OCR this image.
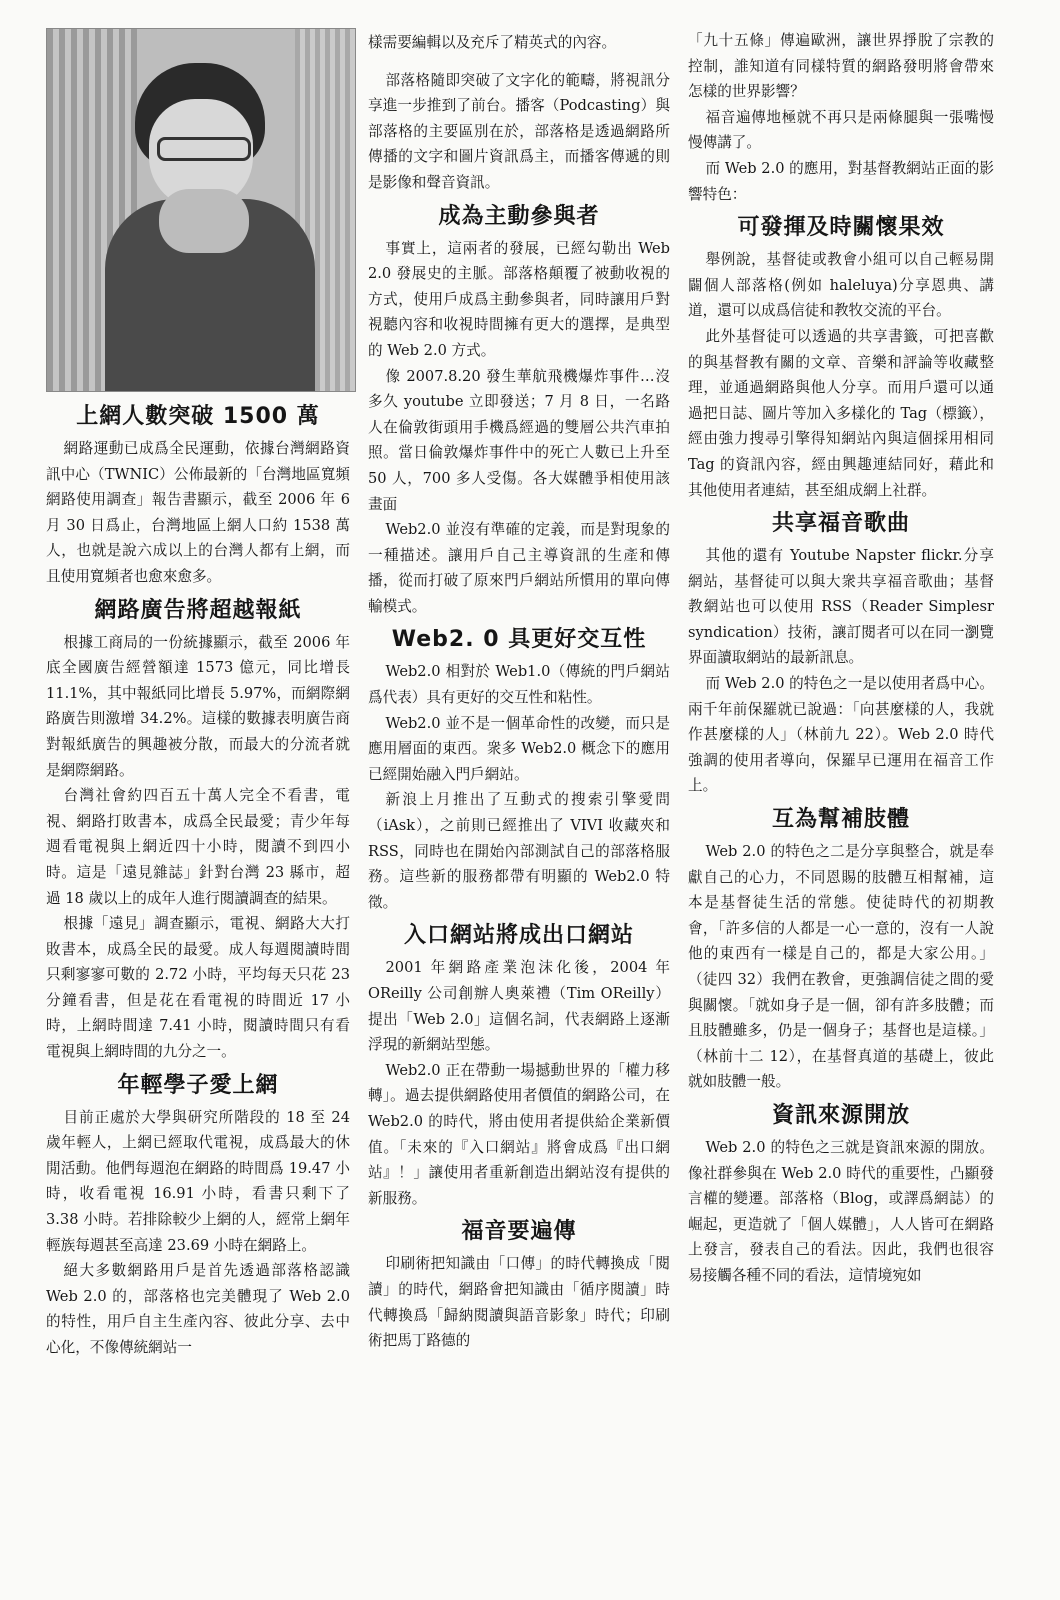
上網人數突破 1500 萬

網路運動已成爲全民運動，依據台灣網路資訊中心（TWNIC）公佈最新的「台灣地區寬頻網路使用調查」報告書顯示，截至 2006 年 6 月 30 日爲止，台灣地區上網人口約 1538 萬人，也就是說六成以上的台灣人都有上網，而且使用寬頻者也愈來愈多。

網路廣告將超越報紙

根據工商局的一份統據顯示，截至 2006 年底全國廣告經營額達 1573 億元，同比增長 11.1%，其中報紙同比增長 5.97%，而網際網路廣告則激增 34.2%。這樣的數據表明廣告商對報紙廣告的興趣被分散，而最大的分流者就是網際網路。

台灣社會約四百五十萬人完全不看書，電視、網路打敗書本，成爲全民最愛；青少年每週看電視與上網近四十小時，閱讀不到四小時。這是「遠見雜誌」針對台灣 23 縣市，超過 18 歲以上的成年人進行閱讀調查的結果。

根據「遠見」調查顯示，電視、網路大大打敗書本，成爲全民的最愛。成人每週閱讀時間只剩寥寥可數的 2.72 小時，平均每天只花 23 分鐘看書，但是花在看電視的時間近 17 小時，上網時間達 7.41 小時，閱讀時間只有看電視與上網時間的九分之一。

年輕學子愛上網

目前正處於大學與研究所階段的 18 至 24 歲年輕人，上網已經取代電視，成爲最大的休閒活動。他們每週泡在網路的時間爲 19.47 小時，收看電視 16.91 小時，看書只剩下了 3.38 小時。若排除較少上網的人，經常上網年輕族每週甚至高達 23.69 小時在網路上。

絕大多數網路用戶是首先透過部落格認識 Web 2.0 的，部落格也完美體現了 Web 2.0 的特性，用戶自主生產內容、彼此分享、去中心化，不像傳統網站一

樣需要編輯以及充斥了精英式的內容。

部落格隨即突破了文字化的範疇，將視訊分享進一步推到了前台。播客（Podcasting）與部落格的主要區別在於，部落格是透過網路所傳播的文字和圖片資訊爲主，而播客傳遞的則是影像和聲音資訊。

成為主動參與者

事實上，這兩者的發展，已經勾勒出 Web 2.0 發展史的主脈。部落格顛覆了被動收視的方式，使用戶成爲主動參與者，同時讓用戶對視聽內容和收視時間擁有更大的選擇，是典型的 Web 2.0 方式。

像 2007.8.20 發生華航飛機爆炸事件…沒多久 youtube 立即發送；7 月 8 日，一名路人在倫敦街頭用手機爲經過的雙層公共汽車拍照。當日倫敦爆炸事件中的死亡人數已上升至 50 人，700 多人受傷。各大媒體爭相使用該畫面

Web2.0 並沒有準確的定義，而是對現象的一種描述。讓用戶自己主導資訊的生產和傳播，從而打破了原來門戶網站所慣用的單向傳輸模式。

Web2. 0 具更好交互性

Web2.0 相對於 Web1.0（傳統的門戶網站爲代表）具有更好的交互性和粘性。

Web2.0 並不是一個革命性的改變，而只是應用層面的東西。衆多 Web2.0 概念下的應用已經開始融入門戶網站。

新浪上月推出了互動式的搜索引擎愛問（iAsk），之前則已經推出了 VIVI 收藏夾和 RSS，同時也在開始內部測試自己的部落格服務。這些新的服務都帶有明顯的 Web2.0 特徵。

入口網站將成出口網站

2001 年網路產業泡沫化後，2004 年 OReilly 公司創辦人奧萊禮（Tim OReilly）提出「Web 2.0」這個名詞，代表網路上逐漸浮現的新網站型態。

Web2.0 正在帶動一場撼動世界的「權力移轉」。過去提供網路使用者價值的網路公司，在 Web2.0 的時代，將由使用者提供給企業新價值。「未來的『入口網站』將會成爲『出口網站』！」讓使用者重新創造出網站沒有提供的新服務。

福音要遍傳

印刷術把知識由「口傳」的時代轉換成「閱讀」的時代，網路會把知識由「循序閱讀」時代轉換爲「歸納閱讀與語音影象」時代；印刷術把馬丁路德的

「九十五條」傳遍歐洲，讓世界掙脫了宗教的控制，誰知道有同樣特質的網路發明將會帶來怎樣的世界影響？

福音遍傳地極就不再只是兩條腿與一張嘴慢慢傳講了。

而 Web 2.0 的應用，對基督教網站正面的影響特色：

可發揮及時關懷果效

舉例說，基督徒或教會小組可以自己輕易開闢個人部落格(例如 haleluya)分享恩典、講道，還可以成爲信徒和教牧交流的平台。

此外基督徒可以透過的共享書籤，可把喜歡的與基督教有關的文章、音樂和評論等收藏整理，並通過網路與他人分享。而用戶還可以通過把日誌、圖片等加入多樣化的 Tag（標籤），經由強力搜尋引擎得知網站內與這個採用相同 Tag 的資訊內容，經由興趣連結同好，藉此和其他使用者連結，甚至組成網上社群。

共享福音歌曲

其他的還有 Youtube Napster flickr.分享網站，基督徒可以與大衆共享福音歌曲；基督教網站也可以使用 RSS（Reader Simplesr syndication）技術，讓訂閱者可以在同一瀏覽界面讀取網站的最新訊息。

而 Web 2.0 的特色之一是以使用者爲中心。兩千年前保羅就已說過：「向甚麼樣的人，我就作甚麼樣的人」（林前九 22）。Web 2.0 時代強調的使用者導向，保羅早已運用在福音工作上。

互為幫補肢體

Web 2.0 的特色之二是分享與整合，就是奉獻自己的心力，不同恩賜的肢體互相幫補，這本是基督徒生活的常態。使徒時代的初期教會，「許多信的人都是一心一意的，沒有一人說他的東西有一樣是自己的，都是大家公用。」（徒四 32）我們在教會，更強調信徒之間的愛與關懷。「就如身子是一個，卻有許多肢體；而且肢體雖多，仍是一個身子；基督也是這樣。」（林前十二 12），在基督真道的基礎上，彼此就如肢體一般。

資訊來源開放

Web 2.0 的特色之三就是資訊來源的開放。像社群參與在 Web 2.0 時代的重要性，凸顯發言權的變遷。部落格（Blog，或譯爲網誌）的崛起，更造就了「個人媒體」，人人皆可在網路上發言，發表自己的看法。因此，我們也很容易接觸各種不同的看法，這情境宛如
